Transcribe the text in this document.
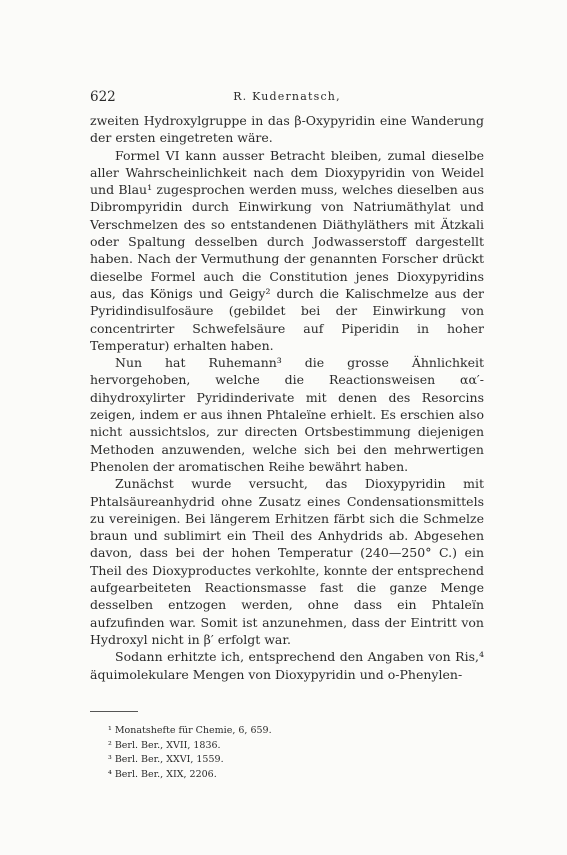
622	R. Kudernatsch,

zweiten Hydroxylgruppe in das β-Oxypyridin eine Wanderung der ersten eingetreten wäre.

Formel VI kann ausser Betracht bleiben, zumal dieselbe aller Wahrscheinlichkeit nach dem Dioxypyridin von Weidel und Blau¹ zugesprochen werden muss, welches dieselben aus Dibrompyridin durch Einwirkung von Natriumäthylat und Verschmelzen des so entstandenen Diäthyläthers mit Ätzkali oder Spaltung desselben durch Jodwasserstoff dargestellt haben. Nach der Vermuthung der genannten Forscher drückt dieselbe Formel auch die Constitution jenes Dioxypyridins aus, das Königs und Geigy² durch die Kalischmelze aus der Pyridindisulfosäure (gebildet bei der Einwirkung von concentrirter Schwefelsäure auf Piperidin in hoher Temperatur) erhalten haben.

Nun hat Ruhemann³ die grosse Ähnlichkeit hervorgehoben, welche die Reactionsweisen αα′-dihydroxylirter Pyridinderivate mit denen des Resorcins zeigen, indem er aus ihnen Phtaleïne erhielt. Es erschien also nicht aussichtslos, zur directen Ortsbestimmung diejenigen Methoden anzuwenden, welche sich bei den mehrwertigen Phenolen der aromatischen Reihe bewährt haben.

Zunächst wurde versucht, das Dioxypyridin mit Phtalsäureanhydrid ohne Zusatz eines Condensationsmittels zu vereinigen. Bei längerem Erhitzen färbt sich die Schmelze braun und sublimirt ein Theil des Anhydrids ab. Abgesehen davon, dass bei der hohen Temperatur (240—250° C.) ein Theil des Dioxyproductes verkohlte, konnte der entsprechend aufgearbeiteten Reactionsmasse fast die ganze Menge desselben entzogen werden, ohne dass ein Phtaleïn aufzufinden war. Somit ist anzunehmen, dass der Eintritt von Hydroxyl nicht in β′ erfolgt war.

Sodann erhitzte ich, entsprechend den Angaben von Ris,⁴ äquimolekulare Mengen von Dioxypyridin und o-Phenylen-

¹ Monatshefte für Chemie, 6, 659.
² Berl. Ber., XVII, 1836.
³ Berl. Ber., XXVI, 1559.
⁴ Berl. Ber., XIX, 2206.
